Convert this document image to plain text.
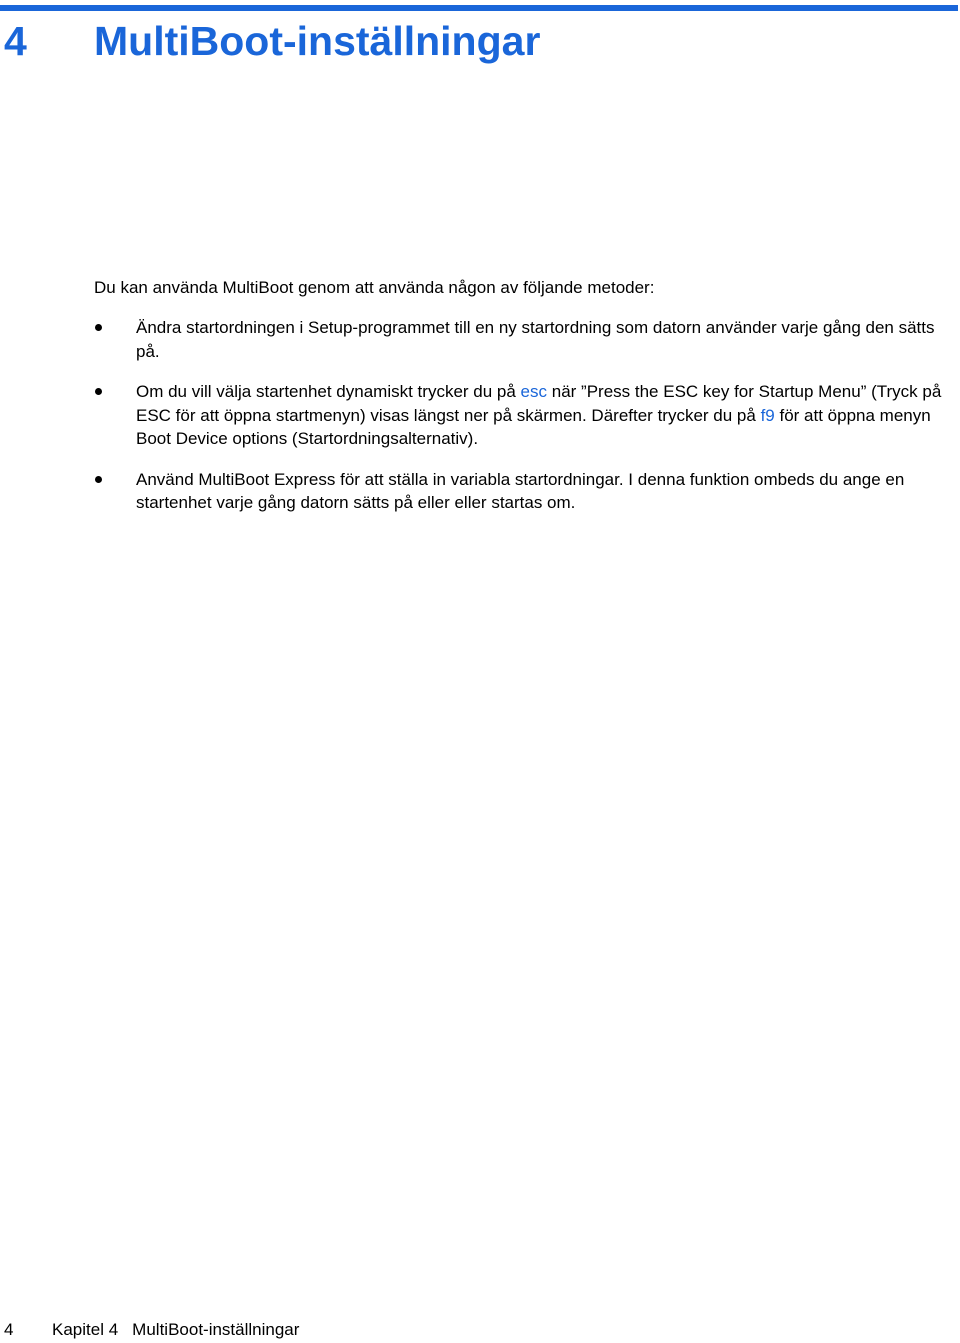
4 MultiBoot-inställningar

Du kan använda MultiBoot genom att använda någon av följande metoder:

Ändra startordningen i Setup-programmet till en ny startordning som datorn använder varje gång den sätts på.
Om du vill välja startenhet dynamiskt trycker du på esc när ”Press the ESC key for Startup Menu” (Tryck på ESC för att öppna startmenyn) visas längst ner på skärmen. Därefter trycker du på f9 för att öppna menyn Boot Device options (Startordningsalternativ).
Använd MultiBoot Express för att ställa in variabla startordningar. I denna funktion ombeds du ange en startenhet varje gång datorn sätts på eller eller startas om.
4 Kapitel 4 MultiBoot-inställningar
